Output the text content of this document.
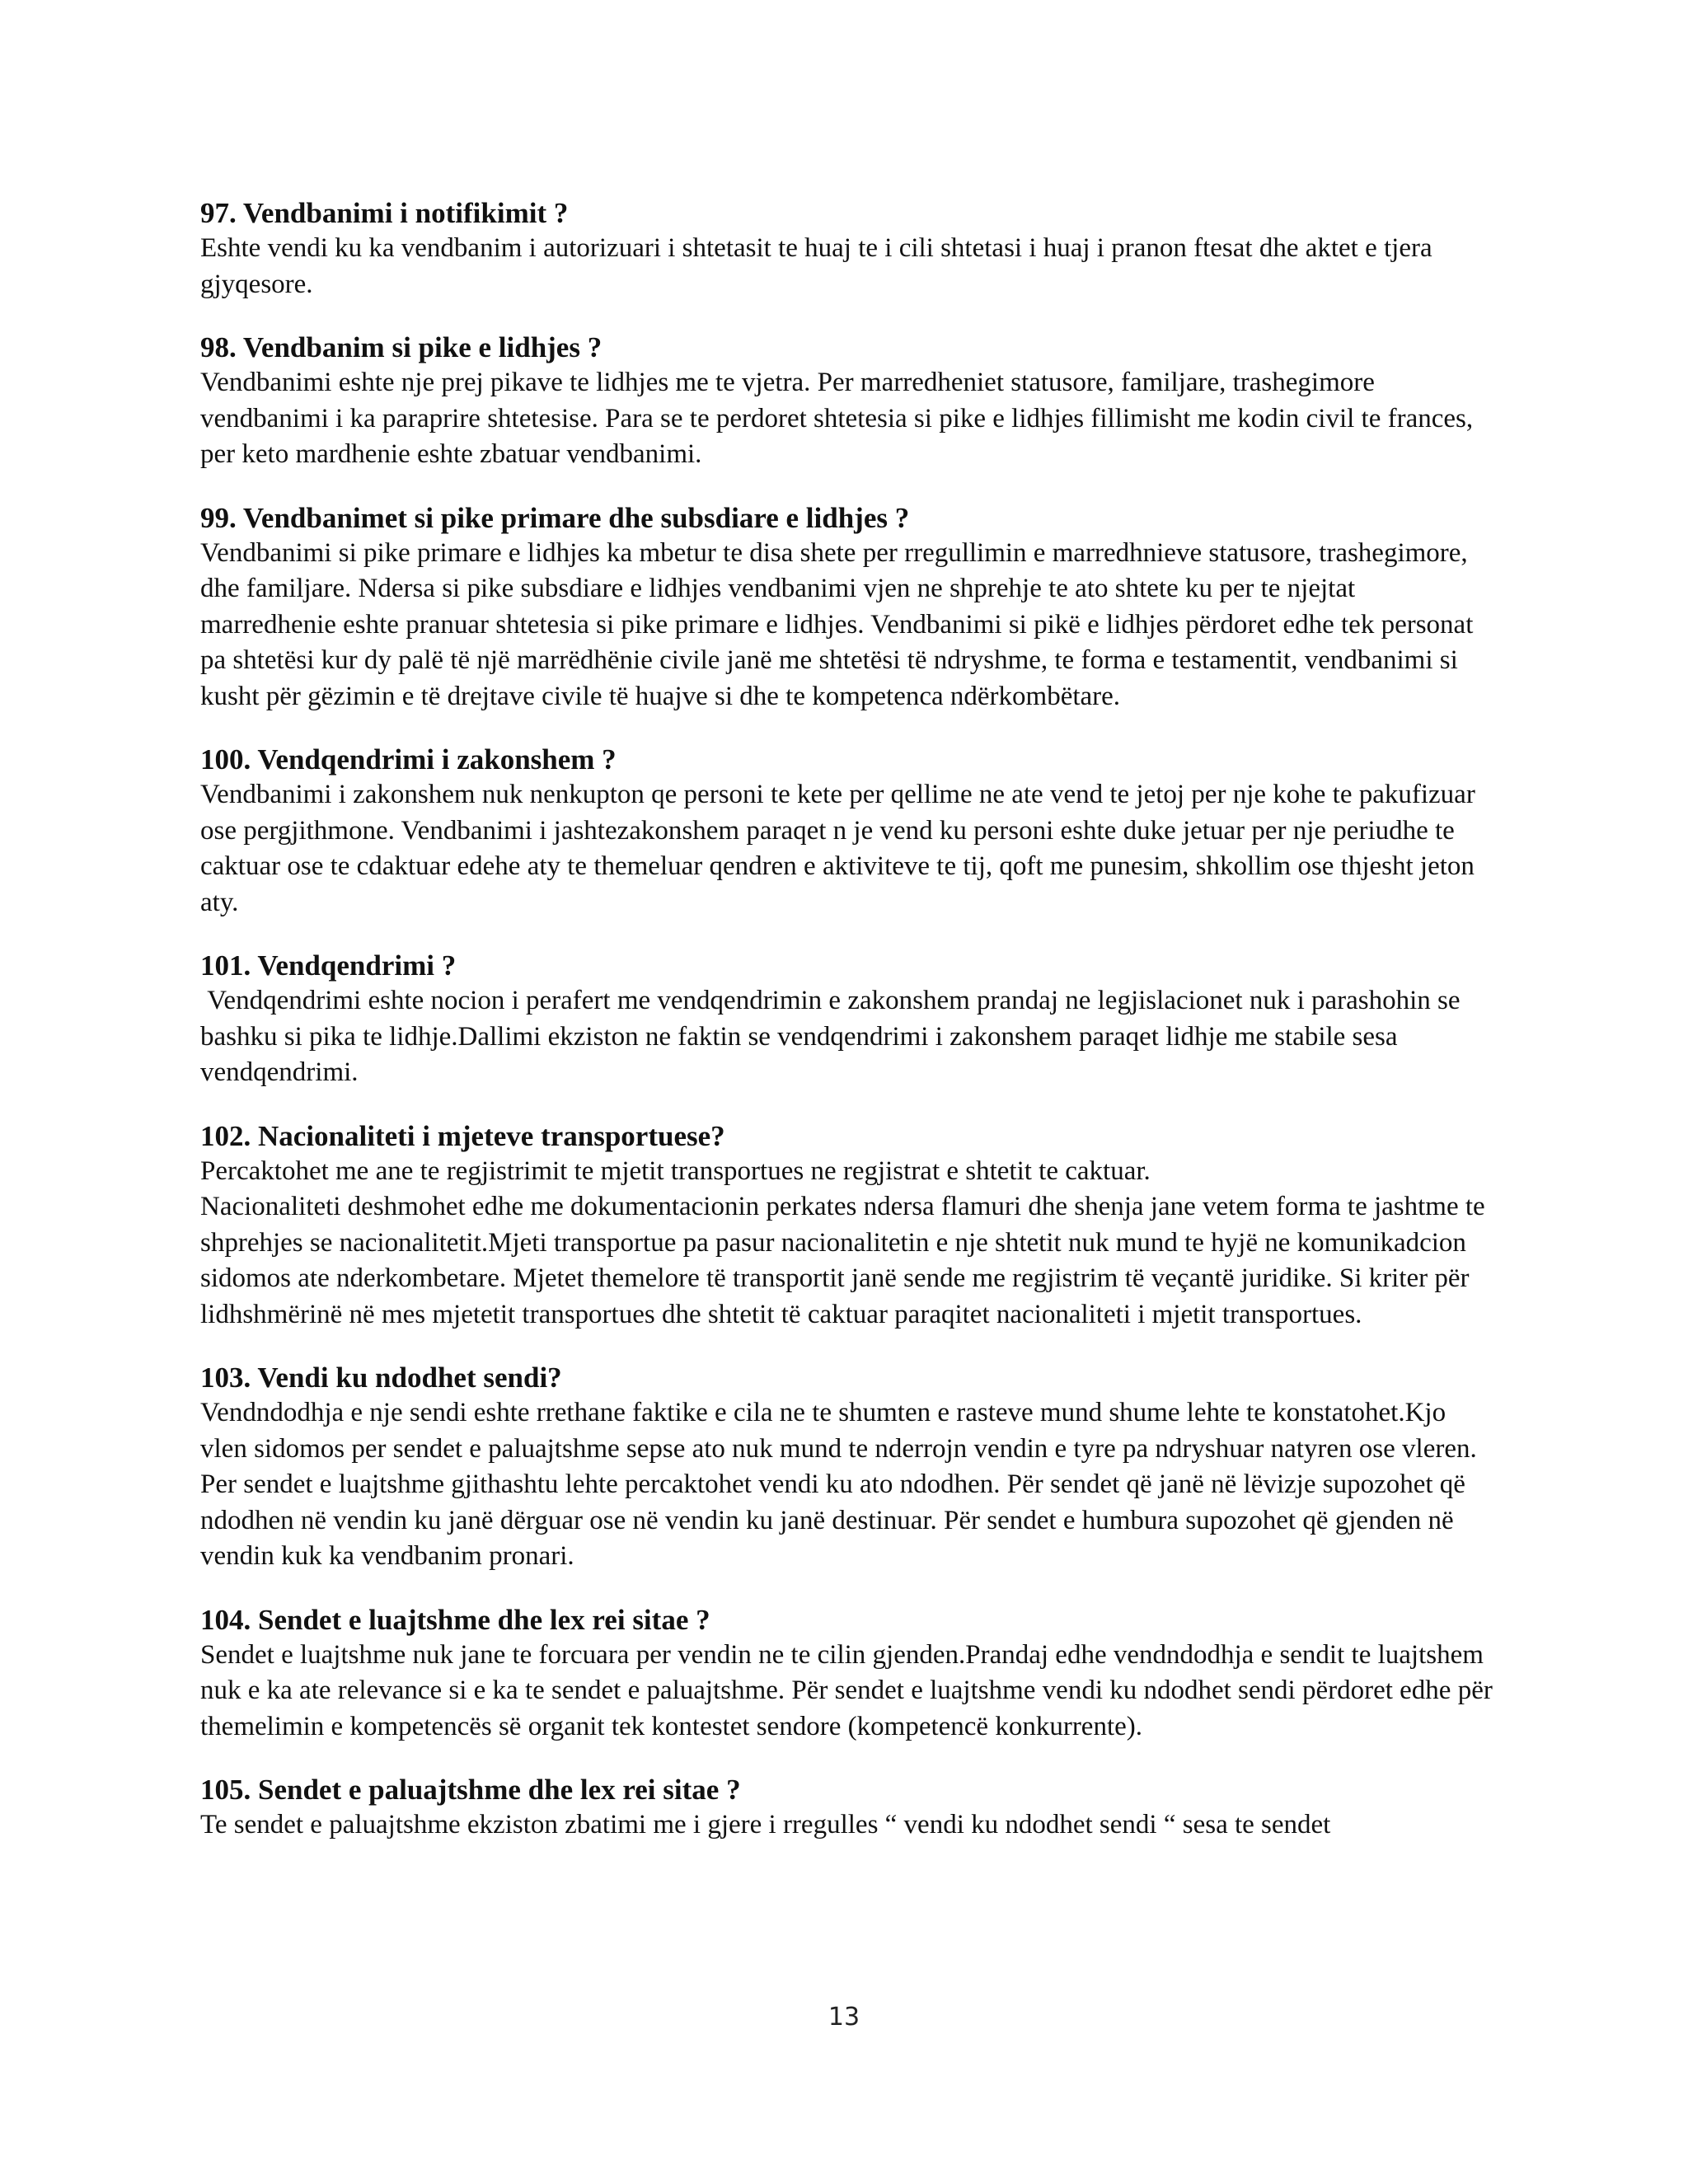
97. Vendbanimi i notifikimit ?

Eshte vendi ku ka vendbanim i autorizuari i shtetasit te huaj te i cili shtetasi i huaj i pranon ftesat dhe aktet e tjera gjyqesore.

98. Vendbanim si pike e lidhjes ?

Vendbanimi eshte nje prej pikave te lidhjes me te vjetra. Per marredheniet statusore, familjare, trashegimore vendbanimi i ka paraprire shtetesise. Para se te perdoret shtetesia si pike e lidhjes fillimisht me kodin civil te frances, per keto mardhenie eshte zbatuar vendbanimi.

99. Vendbanimet si pike primare dhe subsdiare e lidhjes ?

Vendbanimi si pike primare e lidhjes ka mbetur te disa shete per rregullimin e marredhnieve statusore, trashegimore, dhe familjare. Ndersa si pike subsdiare e lidhjes vendbanimi vjen ne shprehje te ato shtete ku per te njejtat marredhenie eshte pranuar shtetesia si pike primare e lidhjes. Vendbanimi si pikë e lidhjes përdoret edhe tek personat pa shtetësi kur dy palë të një marrëdhënie civile janë me shtetësi të ndryshme, te forma e testamentit, vendbanimi si kusht për gëzimin e të drejtave civile të huajve si dhe te kompetenca ndërkombëtare.

100. Vendqendrimi i zakonshem ?

Vendbanimi i zakonshem nuk nenkupton qe personi te kete per qellime ne ate vend te jetoj per nje kohe te pakufizuar ose pergjithmone. Vendbanimi i jashtezakonshem paraqet n je vend ku personi eshte duke jetuar per nje periudhe te caktuar ose te cdaktuar edehe aty te themeluar qendren e aktiviteve te tij, qoft me punesim, shkollim ose thjesht jeton aty.

101. Vendqendrimi ?

Vendqendrimi eshte nocion i perafert me vendqendrimin e zakonshem prandaj ne legjislacionet nuk i parashohin se bashku si pika te lidhje.Dallimi ekziston ne faktin se vendqendrimi i zakonshem paraqet lidhje me stabile sesa vendqendrimi.

102. Nacionaliteti i mjeteve transportuese?

Percaktohet me ane te regjistrimit te mjetit transportues ne regjistrat e shtetit te caktuar.

Nacionaliteti deshmohet edhe me dokumentacionin perkates ndersa flamuri dhe shenja jane vetem forma te jashtme te shprehjes se nacionalitetit.Mjeti transportue pa pasur nacionalitetin e nje shtetit nuk mund te hyjë ne komunikadcion sidomos ate nderkombetare. Mjetet themelore të transportit janë sende me regjistrim të veçantë juridike. Si kriter për lidhshmërinë në mes mjetetit transportues dhe shtetit të caktuar paraqitet nacionaliteti i mjetit transportues.

103. Vendi ku ndodhet sendi?

Vendndodhja e nje sendi eshte rrethane faktike e cila ne te shumten e rasteve mund shume lehte te konstatohet.Kjo vlen sidomos per sendet e paluajtshme sepse ato nuk mund te nderrojn vendin e tyre pa ndryshuar natyren ose vleren. Per sendet e luajtshme gjithashtu lehte percaktohet vendi ku ato ndodhen. Për sendet që janë në lëvizje supozohet që ndodhen në vendin ku janë dërguar ose në vendin ku janë destinuar. Për sendet e humbura supozohet që gjenden në vendin kuk ka vendbanim pronari.

104. Sendet e luajtshme dhe lex rei sitae ?

Sendet e luajtshme nuk jane te forcuara per vendin ne te cilin gjenden.Prandaj edhe vendndodhja e sendit te luajtshem nuk e ka ate relevance si e ka te sendet e paluajtshme. Për sendet e luajtshme vendi ku ndodhet sendi përdoret edhe për themelimin e kompetencës së organit tek kontestet sendore (kompetencë konkurrente).

105. Sendet e paluajtshme dhe lex rei sitae ?

Te sendet e paluajtshme ekziston zbatimi me i gjere i rregulles “ vendi ku ndodhet sendi “ sesa te sendet

13
